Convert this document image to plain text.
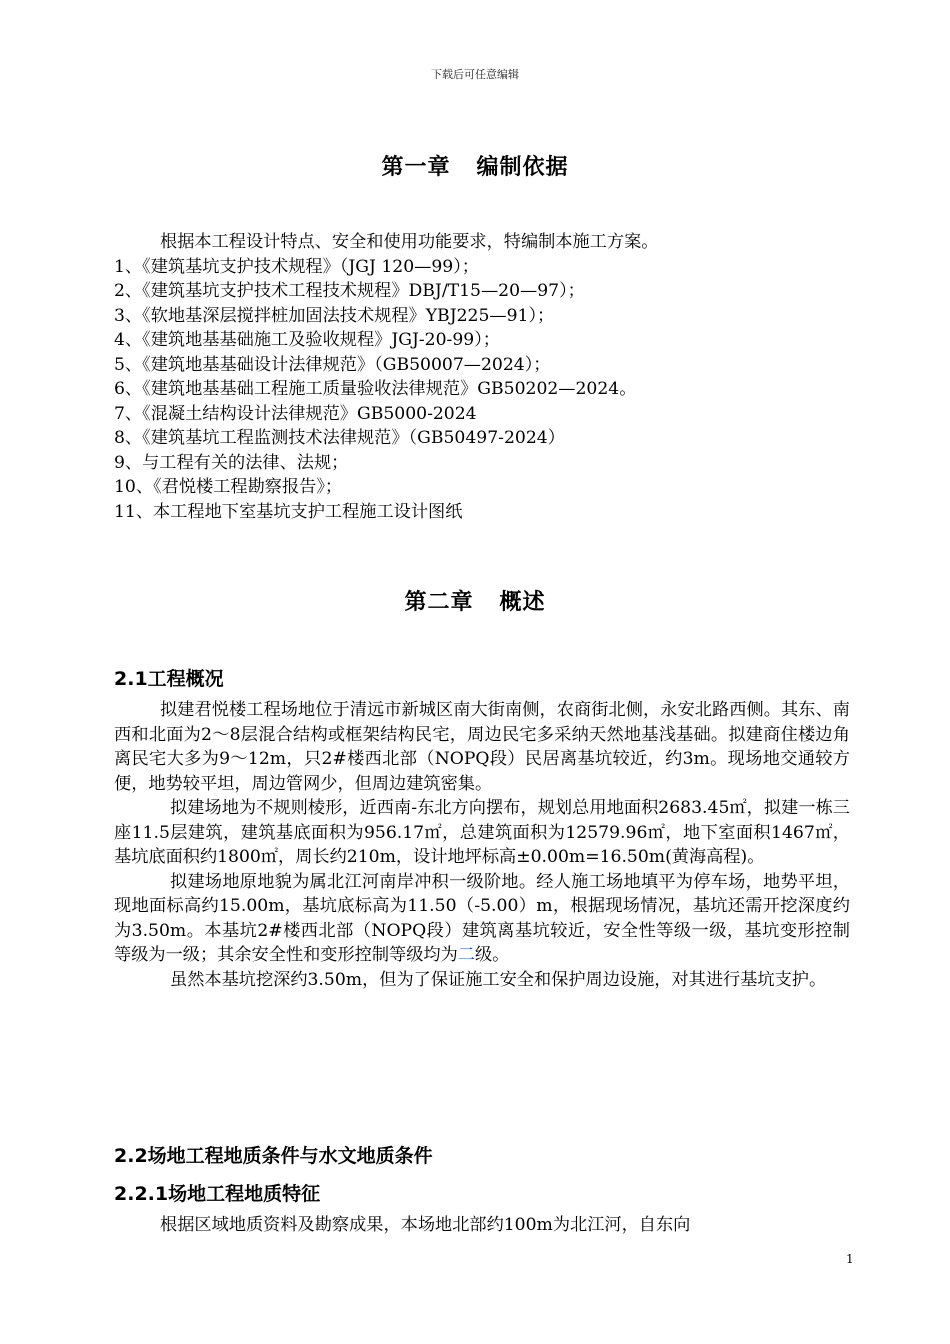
下载后可任意编辑
第一章 编制依据

根据本工程设计特点、安全和使用功能要求，特编制本施工方案。

1、《建筑基坑支护技术规程》（JGJ 120—99）；

2、《建筑基坑支护技术工程技术规程》DBJ/T15—20—97）；

3、《软地基深层搅拌桩加固法技术规程》YBJ225—91）；

4、《建筑地基基础施工及验收规程》JGJ-20-99）；

5、《建筑地基基础设计法律规范》（GB50007—2024）；

6、《建筑地基基础工程施工质量验收法律规范》GB50202—2024。

7、《混凝土结构设计法律规范》GB5000-2024

8、《建筑基坑工程监测技术法律规范》（GB50497-2024）

9、与工程有关的法律、法规；

10、《君悦楼工程勘察报告》；

11、本工程地下室基坑支护工程施工设计图纸

第二章 概述
2.1工程概况

拟建君悦楼工程场地位于清远市新城区南大街南侧，农商街北侧，永安北路西侧。其东、南西和北面为2～8层混合结构或框架结构民宅，周边民宅多采纳天然地基浅基础。拟建商住楼边角离民宅大多为9～12m，只2#楼西北部（NOPQ段）民居离基坑较近，约3m。现场地交通较方便，地势较平坦，周边管网少，但周边建筑密集。

拟建场地为不规则棱形，近西南-东北方向摆布，规划总用地面积2683.45㎡，拟建一栋三座11.5层建筑，建筑基底面积为956.17㎡，总建筑面积为12579.96㎡，地下室面积1467㎡，基坑底面积约1800㎡，周长约210m，设计地坪标高±0.00m=16.50m(黄海高程)。

拟建场地原地貌为属北江河南岸冲积一级阶地。经人施工场地填平为停车场，地势平坦，现地面标高约15.00m，基坑底标高为11.50（-5.00）m，根据现场情况，基坑还需开挖深度约为3.50m。本基坑2#楼西北部（NOPQ段）建筑离基坑较近，安全性等级一级，基坑变形控制等级为一级；其余安全性和变形控制等级均为二级。

虽然本基坑挖深约3.50m，但为了保证施工安全和保护周边设施，对其进行基坑支护。

2.2场地工程地质条件与水文地质条件
2.2.1场地工程地质特征

根据区域地质资料及勘察成果，本场地北部约100m为北江河，自东向

1
